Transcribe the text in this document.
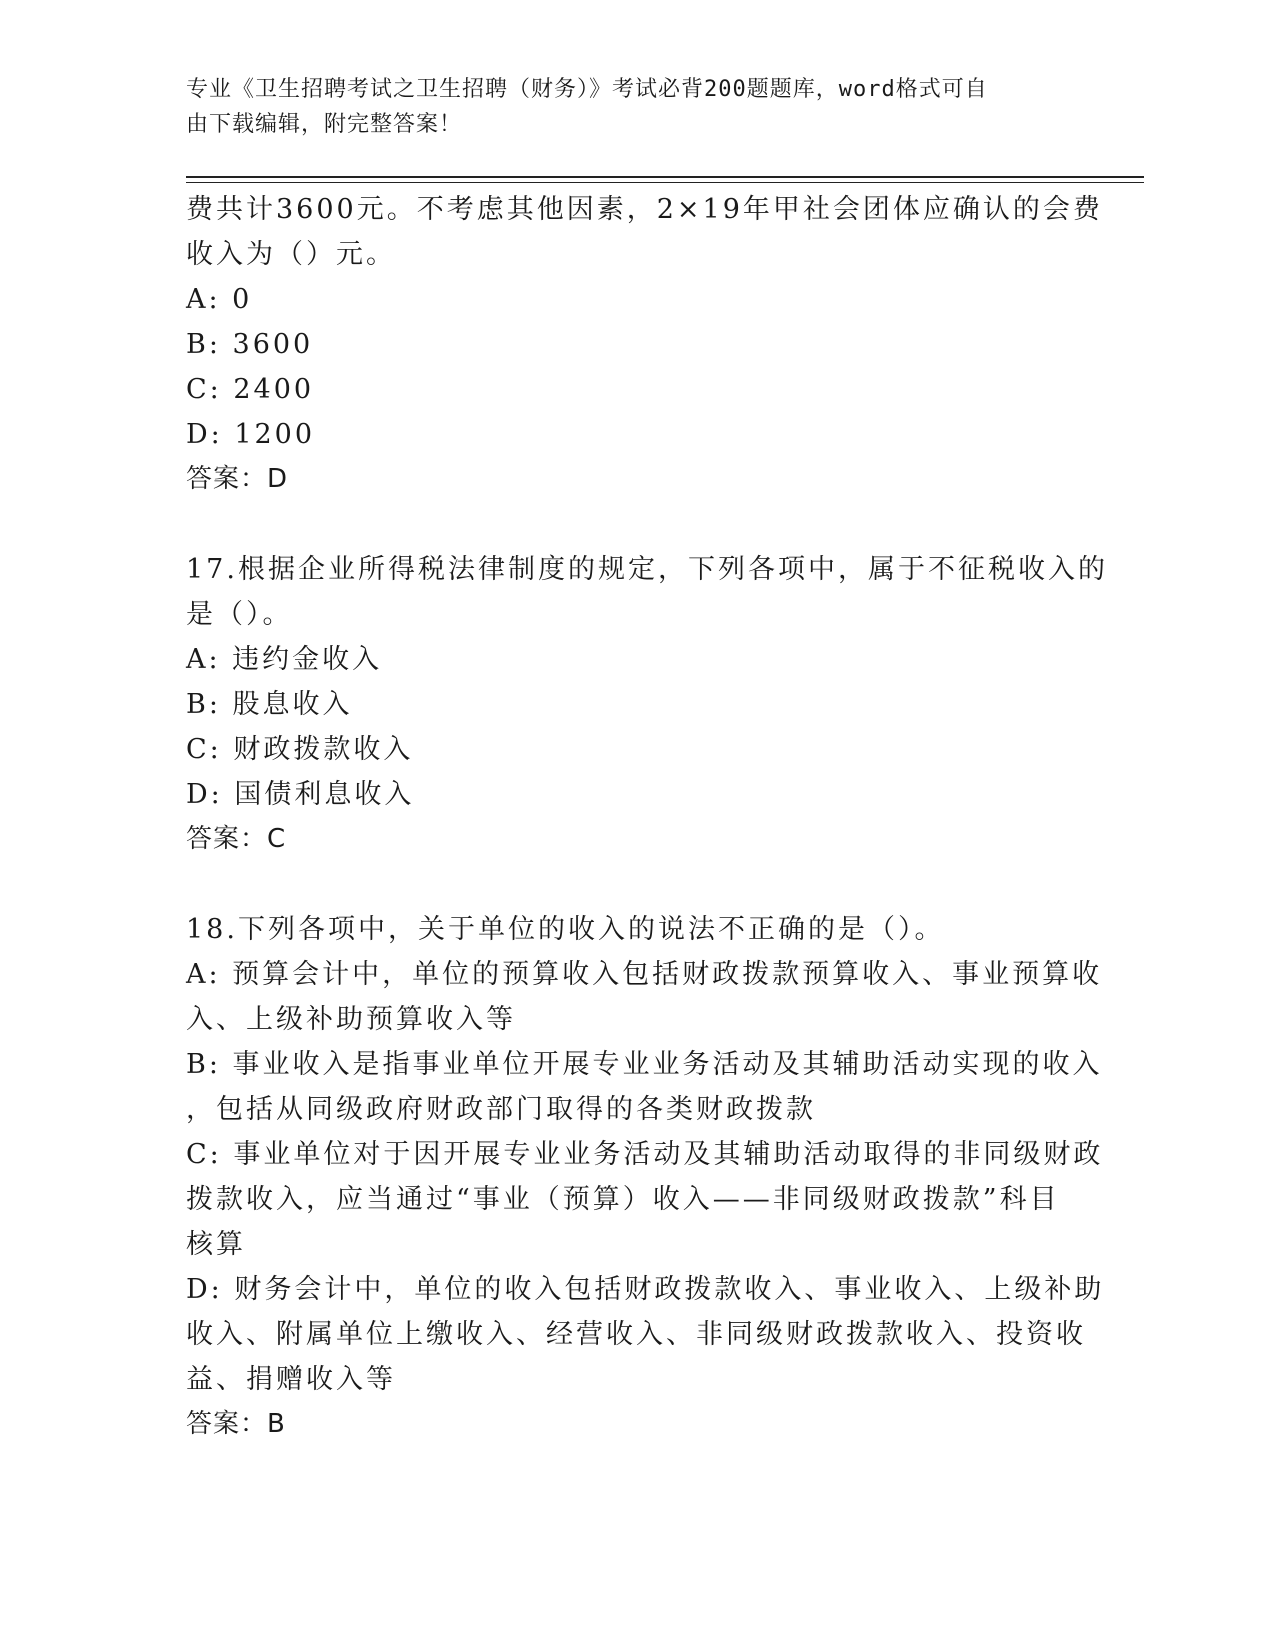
专业《卫生招聘考试之卫生招聘（财务）》考试必背200题题库，word格式可自
由下载编辑，附完整答案！
费共计3600元。不考虑其他因素，2×19年甲社会团体应确认的会费
收入为（）元。
A: 0
B: 3600
C: 2400
D: 1200
答案：D
17.根据企业所得税法律制度的规定，下列各项中，属于不征税收入的
是（）。
A: 违约金收入
B: 股息收入
C: 财政拨款收入
D: 国债利息收入
答案：C
18.下列各项中，关于单位的收入的说法不正确的是（）。
A: 预算会计中，单位的预算收入包括财政拨款预算收入、事业预算收
入、上级补助预算收入等
B: 事业收入是指事业单位开展专业业务活动及其辅助活动实现的收入
，包括从同级政府财政部门取得的各类财政拨款
C: 事业单位对于因开展专业业务活动及其辅助活动取得的非同级财政
拨款收入，应当通过“事业（预算）收入——非同级财政拨款”科目
核算
D: 财务会计中，单位的收入包括财政拨款收入、事业收入、上级补助
收入、附属单位上缴收入、经营收入、非同级财政拨款收入、投资收
益、捐赠收入等
答案：B
